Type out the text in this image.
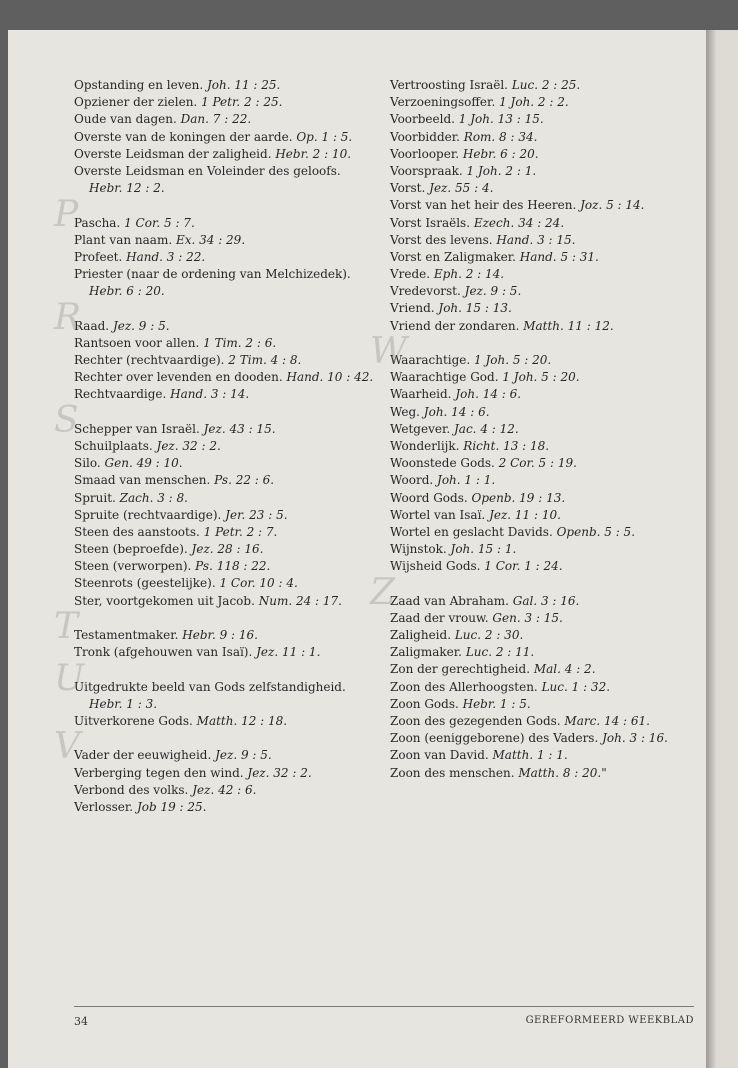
Opstanding en leven. Joh. 11 : 25.
Opziener der zielen. 1 Petr. 2 : 25.
Oude van dagen. Dan. 7 : 22.
Overste van de koningen der aarde. Op. 1 : 5.
Overste Leidsman der zaligheid. Hebr. 2 : 10.
Overste Leidsman en Voleinder des geloofs.
Hebr. 12 : 2.
P
Pascha. 1 Cor. 5 : 7.
Plant van naam. Ex. 34 : 29.
Profeet. Hand. 3 : 22.
Priester (naar de ordening van Melchizedek).
Hebr. 6 : 20.
R
Raad. Jez. 9 : 5.
Rantsoen voor allen. 1 Tim. 2 : 6.
Rechter (rechtvaardige). 2 Tim. 4 : 8.
Rechter over levenden en dooden. Hand. 10 : 42.
Rechtvaardige. Hand. 3 : 14.
S
Schepper van Israël. Jez. 43 : 15.
Schuilplaats. Jez. 32 : 2.
Silo. Gen. 49 : 10.
Smaad van menschen. Ps. 22 : 6.
Spruit. Zach. 3 : 8.
Spruite (rechtvaardige). Jer. 23 : 5.
Steen des aanstoots. 1 Petr. 2 : 7.
Steen (beproefde). Jez. 28 : 16.
Steen (verworpen). Ps. 118 : 22.
Steenrots (geestelijke). 1 Cor. 10 : 4.
Ster, voortgekomen uit Jacob. Num. 24 : 17.
T
Testamentmaker. Hebr. 9 : 16.
Tronk (afgehouwen van Isaï). Jez. 11 : 1.
U
Uitgedrukte beeld van Gods zelfstandigheid.
Hebr. 1 : 3.
Uitverkorene Gods. Matth. 12 : 18.
V
Vader der eeuwigheid. Jez. 9 : 5.
Verberging tegen den wind. Jez. 32 : 2.
Verbond des volks. Jez. 42 : 6.
Verlosser. Job 19 : 25.
Vertroosting Israël. Luc. 2 : 25.
Verzoeningsoffer. 1 Joh. 2 : 2.
Voorbeeld. 1 Joh. 13 : 15.
Voorbidder. Rom. 8 : 34.
Voorlooper. Hebr. 6 : 20.
Voorspraak. 1 Joh. 2 : 1.
Vorst. Jez. 55 : 4.
Vorst van het heir des Heeren. Joz. 5 : 14.
Vorst Israëls. Ezech. 34 : 24.
Vorst des levens. Hand. 3 : 15.
Vorst en Zaligmaker. Hand. 5 : 31.
Vrede. Eph. 2 : 14.
Vredevorst. Jez. 9 : 5.
Vriend. Joh. 15 : 13.
Vriend der zondaren. Matth. 11 : 12.
W
Waarachtige. 1 Joh. 5 : 20.
Waarachtige God. 1 Joh. 5 : 20.
Waarheid. Joh. 14 : 6.
Weg. Joh. 14 : 6.
Wetgever. Jac. 4 : 12.
Wonderlijk. Richt. 13 : 18.
Woonstede Gods. 2 Cor. 5 : 19.
Woord. Joh. 1 : 1.
Woord Gods. Openb. 19 : 13.
Wortel van Isaï. Jez. 11 : 10.
Wortel en geslacht Davids. Openb. 5 : 5.
Wijnstok. Joh. 15 : 1.
Wijsheid Gods. 1 Cor. 1 : 24.
Z
Zaad van Abraham. Gal. 3 : 16.
Zaad der vrouw. Gen. 3 : 15.
Zaligheid. Luc. 2 : 30.
Zaligmaker. Luc. 2 : 11.
Zon der gerechtigheid. Mal. 4 : 2.
Zoon des Allerhoogsten. Luc. 1 : 32.
Zoon Gods. Hebr. 1 : 5.
Zoon des gezegenden Gods. Marc. 14 : 61.
Zoon (eeniggeborene) des Vaders. Joh. 3 : 16.
Zoon van David. Matth. 1 : 1.
Zoon des menschen. Matth. 8 : 20."
34	GEREFORMEERD WEEKBLAD
